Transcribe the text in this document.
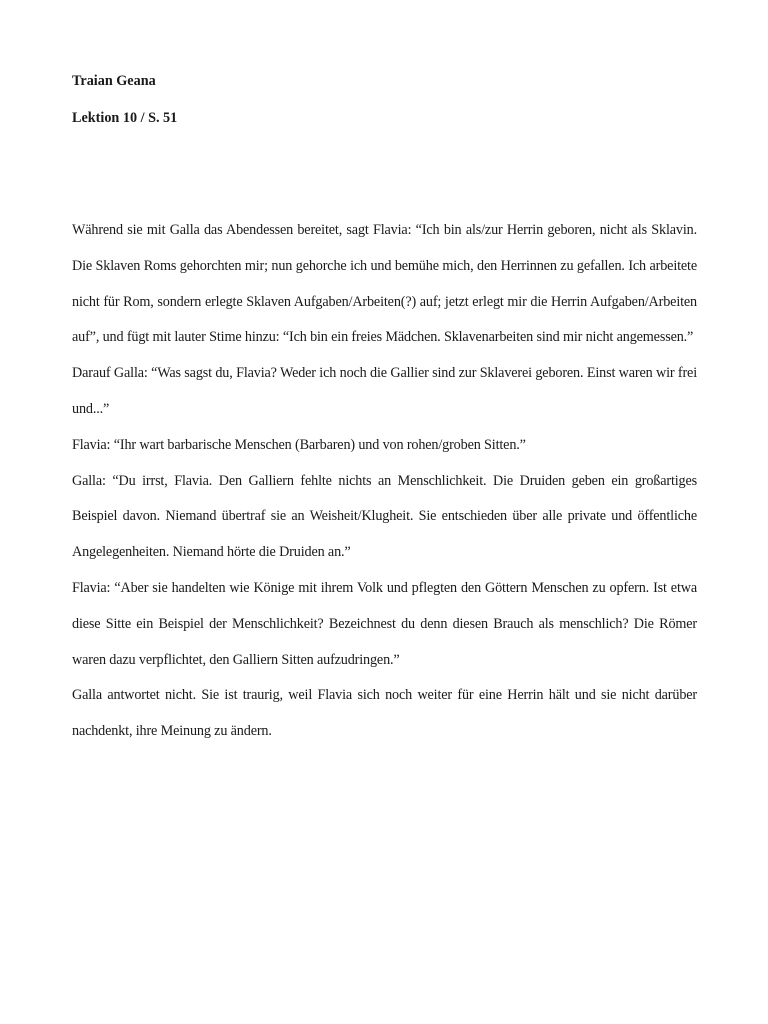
Traian Geana
Lektion 10 / S. 51

Während sie mit Galla das Abendessen bereitet, sagt Flavia: “Ich bin als/zur Herrin geboren, nicht als Sklavin. Die Sklaven Roms gehorchten mir; nun gehorche ich und bemühe mich, den Herrinnen zu gefallen. Ich arbeitete nicht für Rom, sondern erlegte Sklaven Aufgaben/Arbeiten(?) auf; jetzt erlegt mir die Herrin Aufgaben/Arbeiten auf”, und fügt mit lauter Stime hinzu: “Ich bin ein freies Mädchen. Sklavenarbeiten sind mir nicht angemessen.”

Darauf Galla: “Was sagst du, Flavia? Weder ich noch die Gallier sind zur Sklaverei geboren. Einst waren wir frei und...”

Flavia: “Ihr wart barbarische Menschen (Barbaren) und von rohen/groben Sitten.”

Galla: “Du irrst, Flavia. Den Galliern fehlte nichts an Menschlichkeit. Die Druiden geben ein großartiges Beispiel davon. Niemand übertraf sie an Weisheit/Klugheit. Sie entschieden über alle private und öffentliche Angelegenheiten. Niemand hörte die Druiden an.”

Flavia: “Aber sie handelten wie Könige mit ihrem Volk und pflegten den Göttern Menschen zu opfern. Ist etwa diese Sitte ein Beispiel der Menschlichkeit? Bezeichnest du denn diesen Brauch als menschlich? Die Römer waren dazu verpflichtet, den Galliern Sitten aufzudringen.”

Galla antwortet nicht. Sie ist traurig, weil Flavia sich noch weiter für eine Herrin hält und sie nicht darüber nachdenkt, ihre Meinung zu ändern.
